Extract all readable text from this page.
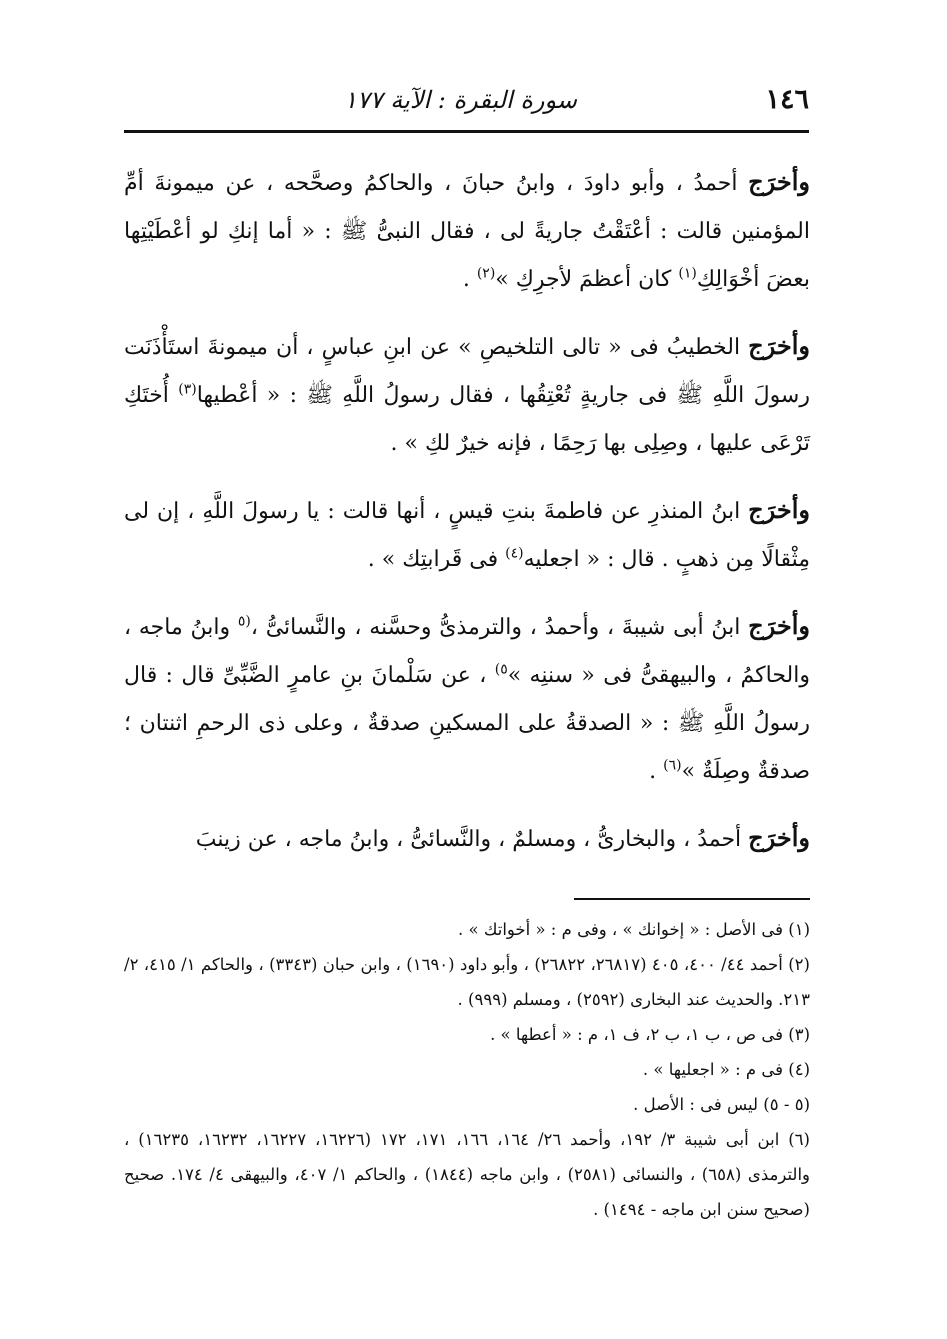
١٤٦
سورة البقرة : الآية ١٧٧

وأخرَج أحمدُ ، وأبو داودَ ، وابنُ حبانَ ، والحاكمُ وصحَّحه ، عن ميمونةَ أمِّ المؤمنين قالت : أعْتَقْتُ جاريةً لى ، فقال النبىُّ ﷺ : « أما إنكِ لو أعْطَيْتِها بعضَ أخْوَالِكِ$^{(١)}$ كان أعظمَ لأجرِكِ »$^{(٢)}$ .

وأخرَج الخطيبُ فى « تالى التلخيصِ » عن ابنِ عباسٍ ، أن ميمونةَ استَأْذَنَت رسولَ اللَّهِ ﷺ فى جاريةٍ تُعْتِقُها ، فقال رسولُ اللَّهِ ﷺ : « أعْطيها$^{(٣)}$ أُختَكِ تَرْعَى عليها ، وصِلِى بها رَحِمًا ، فإنه خيرٌ لكِ » .

وأخرَج ابنُ المنذرِ عن فاطمةَ بنتِ قيسٍ ، أنها قالت : يا رسولَ اللَّهِ ، إن لى مِثْقالًا مِن ذهبٍ . قال : « اجعليه$^{(٤)}$ فى قَرابتِك » .

وأخرَج ابنُ أبى شيبةَ ، وأحمدُ ، والترمذىُّ وحسَّنه ، والنَّسائىُّ ،$^{(٥}$ وابنُ ماجه ، والحاكمُ ، والبيهقىُّ فى « سننِه »$^{٥)}$ ، عن سَلْمانَ بنِ عامرٍ الضَّبِّىِّ قال : قال رسولُ اللَّهِ ﷺ : « الصدقةُ على المسكينِ صدقةٌ ، وعلى ذى الرحمِ اثنتان ؛ صدقةٌ وصِلَةٌ »$^{(٦)}$ .

وأخرَج أحمدُ ، والبخارىُّ ، ومسلمٌ ، والنَّسائىُّ ، وابنُ ماجه ، عن زينبَ

(١) فى الأصل : « إخوانك » ، وفى م : « أخواتك » .

(٢) أحمد ٤٤/ ٤٠٠، ٤٠٥ (٢٦٨١٧، ٢٦٨٢٢) ، وأبو داود (١٦٩٠) ، وابن حبان (٣٣٤٣) ، والحاكم ١/ ٤١٥، ٢/ ٢١٣. والحديث عند البخارى (٢٥٩٢) ، ومسلم (٩٩٩) .

(٣) فى ص ، ب ١، ب ٢، ف ١، م : « أعطها » .

(٤) فى م : « اجعليها » .

(٥ - ٥) ليس فى : الأصل .

(٦) ابن أبى شيبة ٣/ ١٩٢، وأحمد ٢٦/ ١٦٤، ١٦٦، ١٧١، ١٧٢ (١٦٢٢٦، ١٦٢٢٧، ١٦٢٣٢، ١٦٢٣٥) ، والترمذى (٦٥٨) ، والنسائى (٢٥٨١) ، وابن ماجه (١٨٤٤) ، والحاكم ١/ ٤٠٧، والبيهقى ٤/ ١٧٤. صحيح (صحيح سنن ابن ماجه - ١٤٩٤) .
